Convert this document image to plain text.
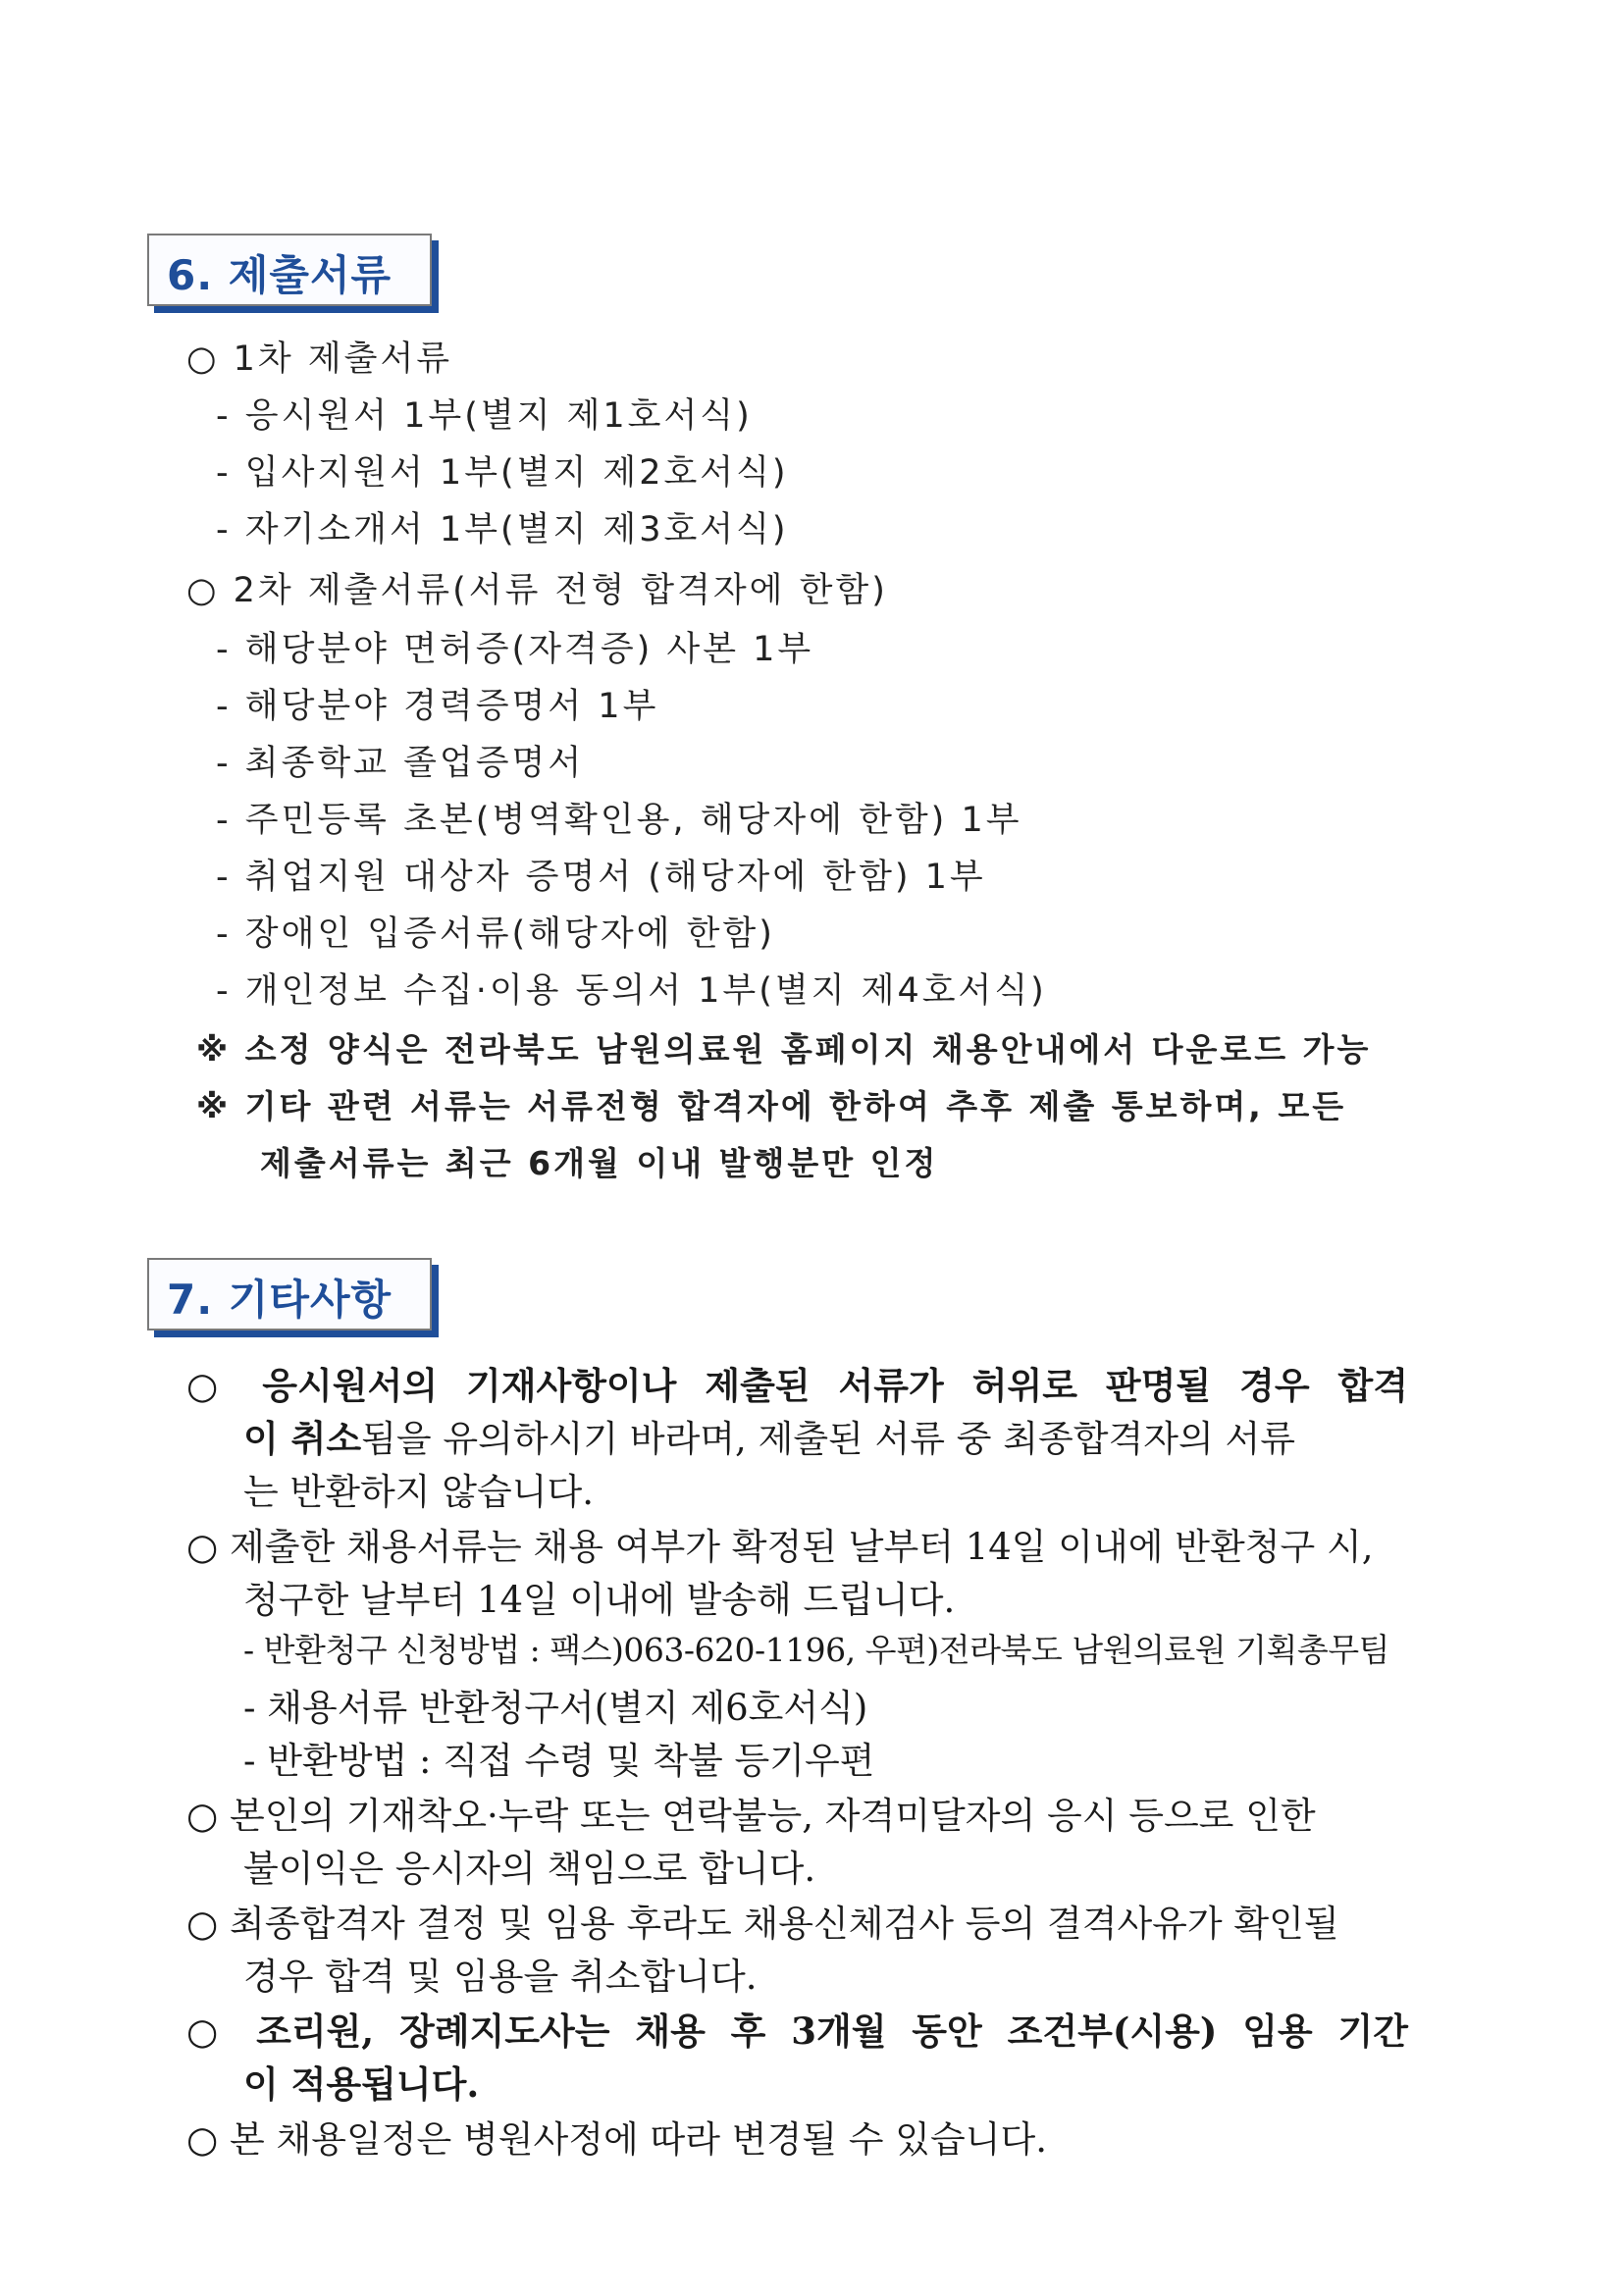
6. 제출서류
○ 1차 제출서류
- 응시원서 1부(별지 제1호서식)
- 입사지원서 1부(별지 제2호서식)
- 자기소개서 1부(별지 제3호서식)
○ 2차 제출서류(서류 전형 합격자에 한함)
- 해당분야 면허증(자격증) 사본 1부
- 해당분야 경력증명서 1부
- 최종학교 졸업증명서
- 주민등록 초본(병역확인용, 해당자에 한함) 1부
- 취업지원 대상자 증명서 (해당자에 한함) 1부
- 장애인 입증서류(해당자에 한함)
- 개인정보 수집·이용 동의서 1부(별지 제4호서식)
※ 소정 양식은 전라북도 남원의료원 홈페이지 채용안내에서 다운로드 가능
※ 기타 관련 서류는 서류전형 합격자에 한하여 추후 제출 통보하며, 모든
제출서류는 최근 6개월 이내 발행분만 인정
7. 기타사항
○ 응시원서의 기재사항이나 제출된 서류가 허위로 판명될 경우 합격
이 취소됨을 유의하시기 바라며, 제출된 서류 중 최종합격자의 서류
는 반환하지 않습니다.
○ 제출한 채용서류는 채용 여부가 확정된 날부터 14일 이내에 반환청구 시,
청구한 날부터 14일 이내에 발송해 드립니다.
- 반환청구 신청방법 : 팩스)063-620-1196, 우편)전라북도 남원의료원 기획총무팀
- 채용서류 반환청구서(별지 제6호서식)
- 반환방법 : 직접 수령 및 착불 등기우편
○ 본인의 기재착오·누락 또는 연락불능, 자격미달자의 응시 등으로 인한
불이익은 응시자의 책임으로 합니다.
○ 최종합격자 결정 및 임용 후라도 채용신체검사 등의 결격사유가 확인될
경우 합격 및 임용을 취소합니다.
○ 조리원, 장례지도사는 채용 후 3개월 동안 조건부(시용) 임용 기간
이 적용됩니다.
○ 본 채용일정은 병원사정에 따라 변경될 수 있습니다.
